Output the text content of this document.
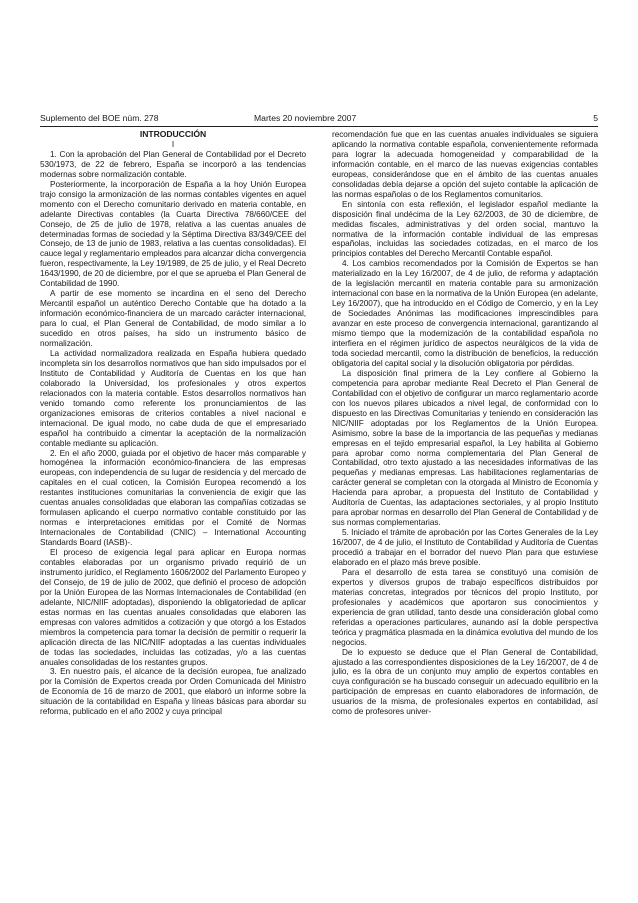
Suplemento del BOE núm. 278	Martes 20 noviembre 2007	5

INTRODUCCIÓN

I

1. Con la aprobación del Plan General de Contabilidad por el Decreto 530/1973, de 22 de febrero, España se incorporó a las tendencias modernas sobre normalización contable.

Posteriormente, la incorporación de España a la hoy Unión Europea trajo consigo la armonización de las normas contables vigentes en aquel momento con el Derecho comunitario derivado en materia contable, en adelante Directivas contables (la Cuarta Directiva 78/660/CEE del Consejo, de 25 de julio de 1978, relativa a las cuentas anuales de determinadas formas de sociedad y la Séptima Directiva 83/349/CEE del Consejo, de 13 de junio de 1983, relativa a las cuentas consolidadas). El cauce legal y reglamentario empleados para alcanzar dicha convergencia fueron, respectivamente, la Ley 19/1989, de 25 de julio, y el Real Decreto 1643/1990, de 20 de diciembre, por el que se aprueba el Plan General de Contabilidad de 1990.

A partir de ese momento se incardina en el seno del Derecho Mercantil español un auténtico Derecho Contable que ha dotado a la información económico-financiera de un marcado carácter internacional, para lo cual, el Plan General de Contabilidad, de modo similar a lo sucedido en otros países, ha sido un instrumento básico de normalización.

La actividad normalizadora realizada en España hubiera quedado incompleta sin los desarrollos normativos que han sido impulsados por el Instituto de Contabilidad y Auditoría de Cuentas en los que han colaborado la Universidad, los profesionales y otros expertos relacionados con la materia contable. Estos desarrollos normativos han venido tomando como referente los pronunciamientos de las organizaciones emisoras de criterios contables a nivel nacional e internacional. De igual modo, no cabe duda de que el empresariado español ha contribuido a cimentar la aceptación de la normalización contable mediante su aplicación.

2. En el año 2000, guiada por el objetivo de hacer más comparable y homogénea la información económico-financiera de las empresas europeas, con independencia de su lugar de residencia y del mercado de capitales en el cual coticen, la Comisión Europea recomendó a los restantes instituciones comunitarias la conveniencia de exigir que las cuentas anuales consolidadas que elaboran las compañías cotizadas se formulasen aplicando el cuerpo normativo contable constituido por las normas e interpretaciones emitidas por el Comité de Normas Internacionales de Contabilidad (CNIC) – International Accounting Standards Board (IASB)-.

El proceso de exigencia legal para aplicar en Europa normas contables elaboradas por un organismo privado requirió de un instrumento jurídico, el Reglamento 1606/2002 del Parlamento Europeo y del Consejo, de 19 de julio de 2002, que definió el proceso de adopción por la Unión Europea de las Normas Internacionales de Contabilidad (en adelante, NIC/NIIF adoptadas), disponiendo la obligatoriedad de aplicar estas normas en las cuentas anuales consolidadas que elaboren las empresas con valores admitidos a cotización y que otorgó a los Estados miembros la competencia para tomar la decisión de permitir o requerir la aplicación directa de las NIC/NIIF adoptadas a las cuentas individuales de todas las sociedades, incluidas las cotizadas, y/o a las cuentas anuales consolidadas de los restantes grupos.

3. En nuestro país, el alcance de la decisión europea, fue analizado por la Comisión de Expertos creada por Orden Comunicada del Ministro de Economía de 16 de marzo de 2001, que elaboró un informe sobre la situación de la contabilidad en España y líneas básicas para abordar su reforma, publicado en el año 2002 y cuya principal

recomendación fue que en las cuentas anuales individuales se siguiera aplicando la normativa contable española, convenientemente reformada para lograr la adecuada homogeneidad y comparabilidad de la información contable, en el marco de las nuevas exigencias contables europeas, considerándose que en el ámbito de las cuentas anuales consolidadas debía dejarse a opción del sujeto contable la aplicación de las normas españolas o de los Reglamentos comunitarios.

En sintonía con esta reflexión, el legislador español mediante la disposición final undécima de la Ley 62/2003, de 30 de diciembre, de medidas fiscales, administrativas y del orden social, mantuvo la normativa de la información contable individual de las empresas españolas, incluidas las sociedades cotizadas, en el marco de los principios contables del Derecho Mercantil Contable español.

4. Los cambios recomendados por la Comisión de Expertos se han materializado en la Ley 16/2007, de 4 de julio, de reforma y adaptación de la legislación mercantil en materia contable para su armonización internacional con base en la normativa de la Unión Europea (en adelante, Ley 16/2007), que ha introducido en el Código de Comercio, y en la Ley de Sociedades Anónimas las modificaciones imprescindibles para avanzar en este proceso de convergencia internacional, garantizando al mismo tiempo que la modernización de la contabilidad española no interfiera en el régimen jurídico de aspectos neurálgicos de la vida de toda sociedad mercantil, como la distribución de beneficios, la reducción obligatoria del capital social y la disolución obligatoria por pérdidas.

La disposición final primera de la Ley confiere al Gobierno la competencia para aprobar mediante Real Decreto el Plan General de Contabilidad con el objetivo de configurar un marco reglamentario acorde con los nuevos pilares ubicados a nivel legal, de conformidad con lo dispuesto en las Directivas Comunitarias y teniendo en consideración las NIC/NIIF adoptadas por los Reglamentos de la Unión Europea. Asimismo, sobre la base de la importancia de las pequeñas y medianas empresas en el tejido empresarial español, la Ley habilita al Gobierno para aprobar como norma complementaria del Plan General de Contabilidad, otro texto ajustado a las necesidades informativas de las pequeñas y medianas empresas. Las habilitaciones reglamentarias de carácter general se completan con la otorgada al Ministro de Economía y Hacienda para aprobar, a propuesta del Instituto de Contabilidad y Auditoría de Cuentas, las adaptaciones sectoriales, y al propio Instituto para aprobar normas en desarrollo del Plan General de Contabilidad y de sus normas complementarias.

5. Iniciado el trámite de aprobación por las Cortes Generales de la Ley 16/2007, de 4 de julio, el Instituto de Contabilidad y Auditoría de Cuentas procedió a trabajar en el borrador del nuevo Plan para que estuviese elaborado en el plazo más breve posible.

Para el desarrollo de esta tarea se constituyó una comisión de expertos y diversos grupos de trabajo específicos distribuidos por materias concretas, integrados por técnicos del propio Instituto, por profesionales y académicos que aportaron sus conocimientos y experiencia de gran utilidad, tanto desde una consideración global como referidas a operaciones particulares, aunando así la doble perspectiva teórica y pragmática plasmada en la dinámica evolutiva del mundo de los negocios.

De lo expuesto se deduce que el Plan General de Contabilidad, ajustado a las correspondientes disposiciones de la Ley 16/2007, de 4 de julio, es la obra de un conjunto muy amplio de expertos contables en cuya configuración se ha buscado conseguir un adecuado equilibrio en la participación de empresas en cuanto elaboradores de información, de usuarios de la misma, de profesionales expertos en contabilidad, así como de profesores univer-
